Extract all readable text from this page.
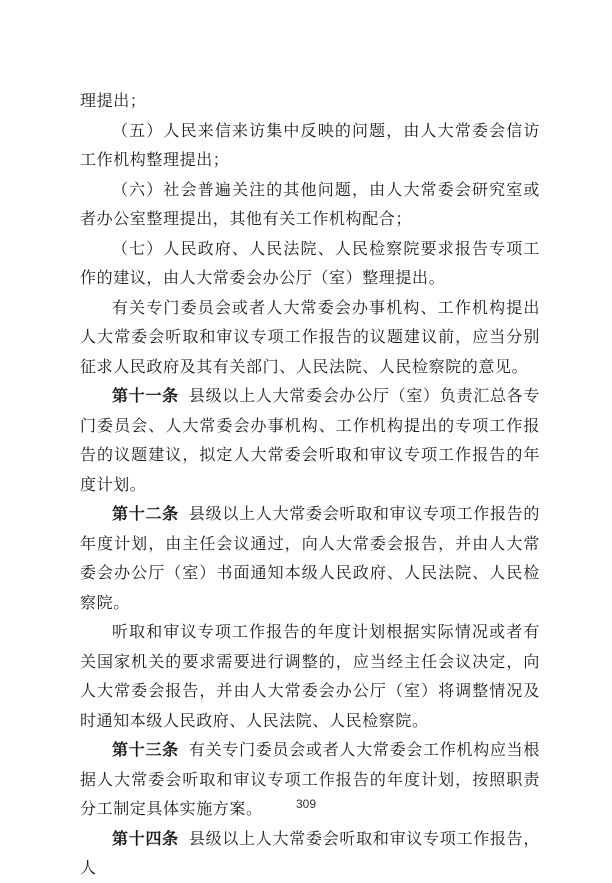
理提出；

（五）人民来信来访集中反映的问题，由人大常委会信访工作机构整理提出；

（六）社会普遍关注的其他问题，由人大常委会研究室或者办公室整理提出，其他有关工作机构配合；

（七）人民政府、人民法院、人民检察院要求报告专项工作的建议，由人大常委会办公厅（室）整理提出。

有关专门委员会或者人大常委会办事机构、工作机构提出人大常委会听取和审议专项工作报告的议题建议前，应当分别征求人民政府及其有关部门、人民法院、人民检察院的意见。

第十一条 县级以上人大常委会办公厅（室）负责汇总各专门委员会、人大常委会办事机构、工作机构提出的专项工作报告的议题建议，拟定人大常委会听取和审议专项工作报告的年度计划。

第十二条 县级以上人大常委会听取和审议专项工作报告的年度计划，由主任会议通过，向人大常委会报告，并由人大常委会办公厅（室）书面通知本级人民政府、人民法院、人民检察院。

听取和审议专项工作报告的年度计划根据实际情况或者有关国家机关的要求需要进行调整的，应当经主任会议决定，向人大常委会报告，并由人大常委会办公厅（室）将调整情况及时通知本级人民政府、人民法院、人民检察院。

第十三条 有关专门委员会或者人大常委会工作机构应当根据人大常委会听取和审议专项工作报告的年度计划，按照职责分工制定具体实施方案。

第十四条 县级以上人大常委会听取和审议专项工作报告，人

309
